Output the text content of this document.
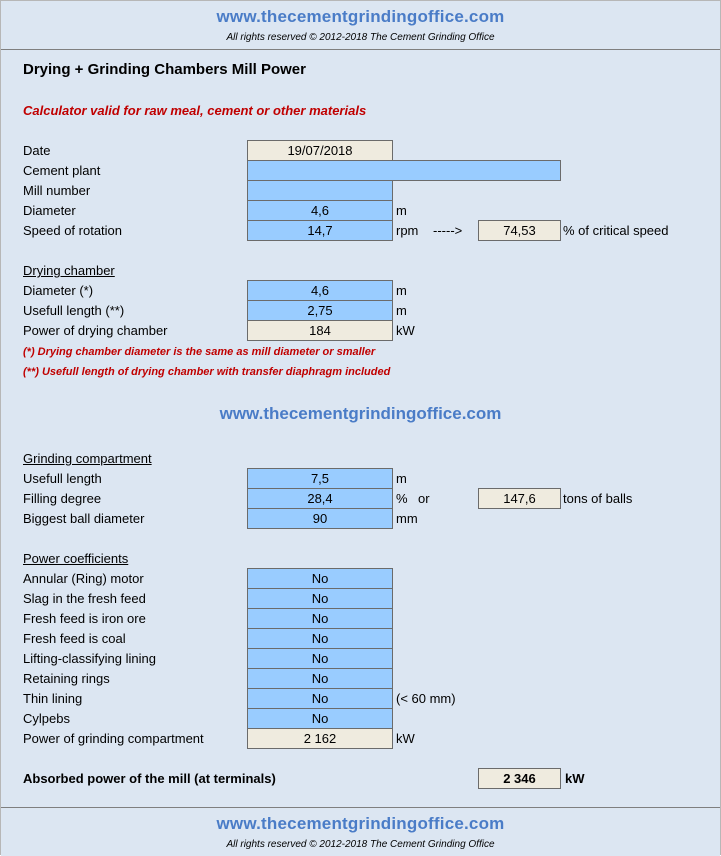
www.thecementgrindingoffice.com
All rights reserved © 2012-2018 The Cement Grinding Office
Drying + Grinding Chambers Mill Power
Calculator valid for raw meal, cement or other materials
Date	19/07/2018
Cement plant
Mill number
Diameter	4,6	m
Speed of rotation	14,7	rpm ----->	74,53	% of critical speed
Drying chamber
Diameter (*)	4,6	m
Usefull length (**)	2,75	m
Power of drying chamber	184	kW
(*) Drying chamber diameter is the same as mill diameter or smaller
(**) Usefull length of drying chamber with transfer diaphragm included
www.thecementgrindingoffice.com
Grinding compartment
Usefull length	7,5	m
Filling degree	28,4	% or	147,6	tons of balls
Biggest ball diameter	90	mm
Power coefficients
Annular (Ring) motor	No
Slag in the fresh feed	No
Fresh feed is iron ore	No
Fresh feed is coal	No
Lifting-classifying lining	No
Retaining rings	No
Thin lining	No	(< 60 mm)
Cylpebs	No
Power of grinding compartment	2 162	kW
Absorbed power of the mill (at terminals)	2 346	kW
www.thecementgrindingoffice.com
All rights reserved © 2012-2018 The Cement Grinding Office
